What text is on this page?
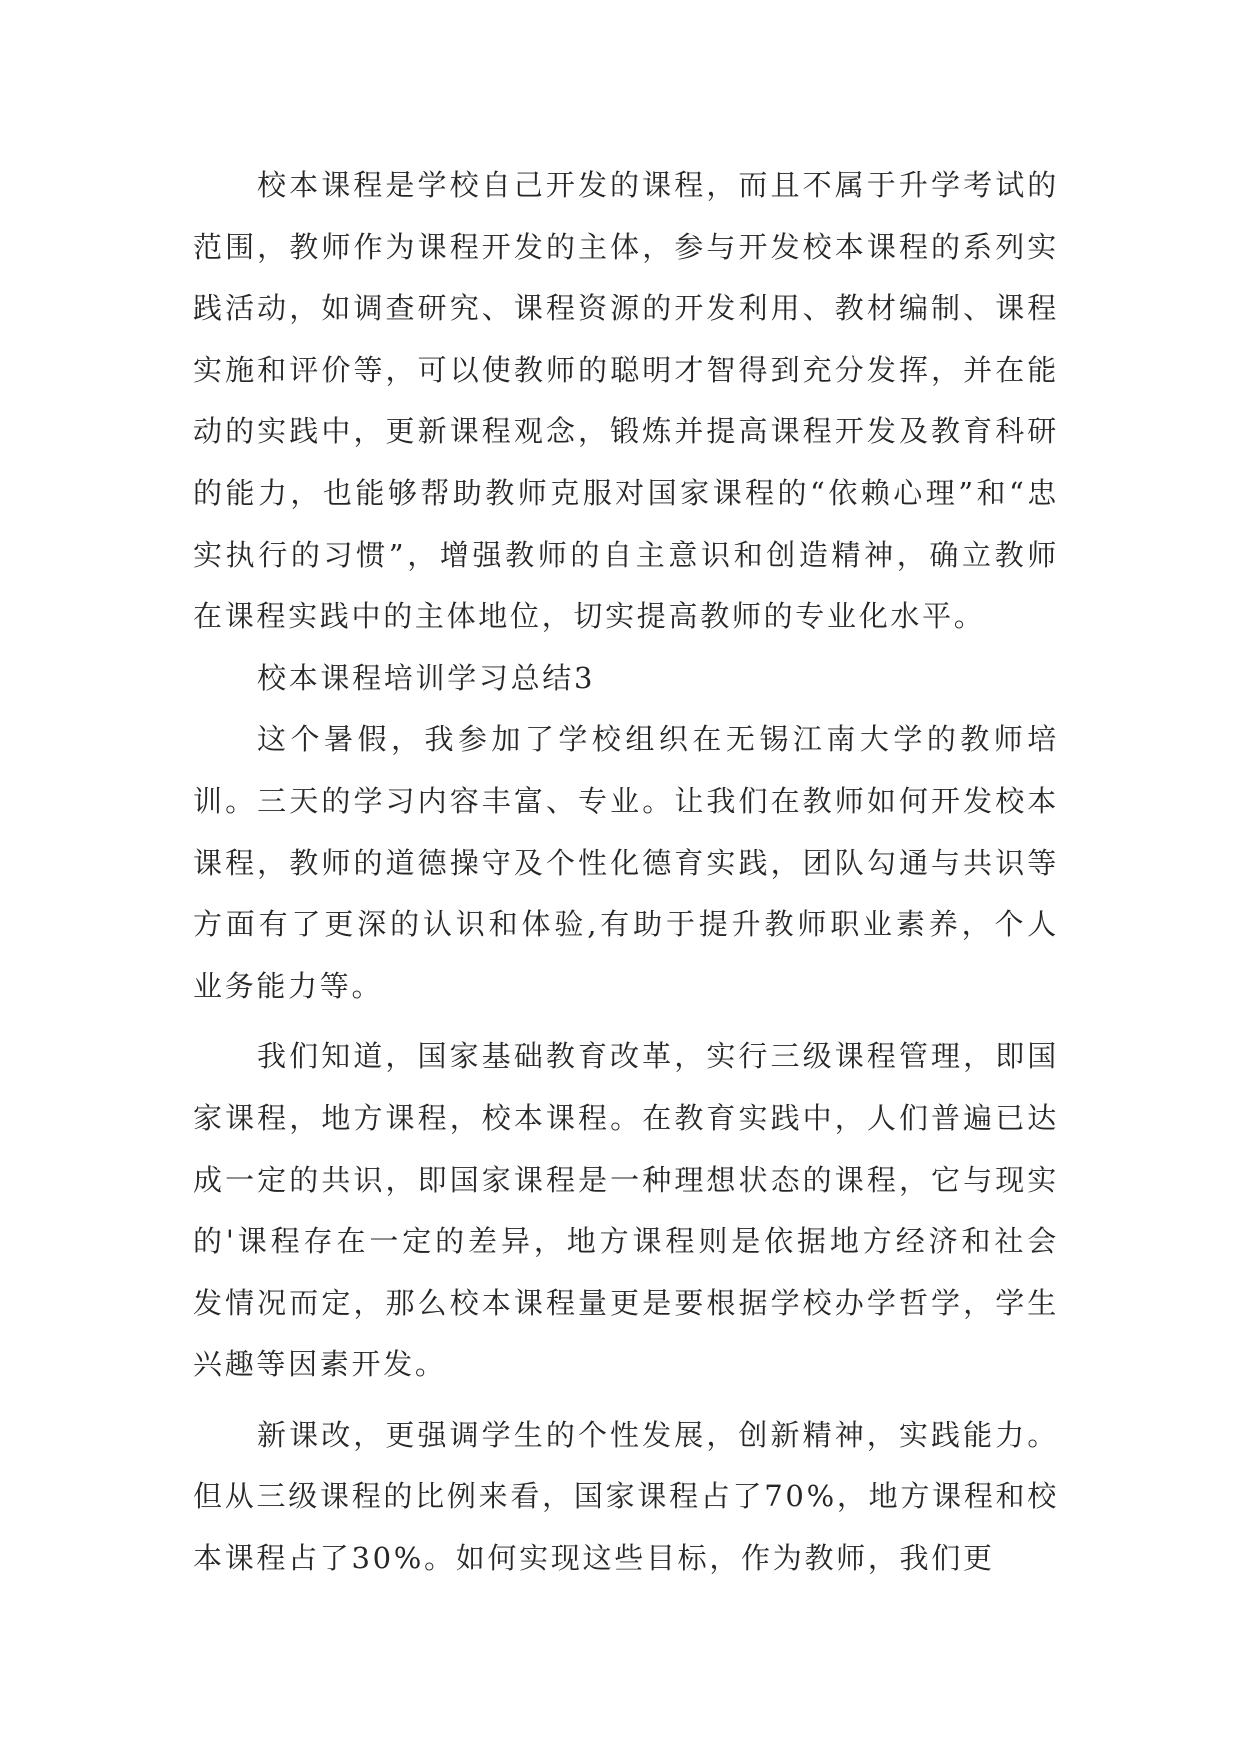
校本课程是学校自己开发的课程，而且不属于升学考试的范围，教师作为课程开发的主体，参与开发校本课程的系列实践活动，如调查研究、课程资源的开发利用、教材编制、课程实施和评价等，可以使教师的聪明才智得到充分发挥，并在能动的实践中，更新课程观念，锻炼并提高课程开发及教育科研的能力，也能够帮助教师克服对国家课程的“依赖心理”和“忠实执行的习惯”，增强教师的自主意识和创造精神，确立教师在课程实践中的主体地位，切实提高教师的专业化水平。

校本课程培训学习总结3

这个暑假，我参加了学校组织在无锡江南大学的教师培训。三天的学习内容丰富、专业。让我们在教师如何开发校本课程，教师的道德操守及个性化德育实践，团队勾通与共识等方面有了更深的认识和体验,有助于提升教师职业素养，个人业务能力等。

我们知道，国家基础教育改革，实行三级课程管理，即国家课程，地方课程，校本课程。在教育实践中，人们普遍已达成一定的共识，即国家课程是一种理想状态的课程，它与现实的'课程存在一定的差异，地方课程则是依据地方经济和社会发情况而定，那么校本课程量更是要根据学校办学哲学，学生兴趣等因素开发。

新课改，更强调学生的个性发展，创新精神，实践能力。但从三级课程的比例来看，国家课程占了70%，地方课程和校本课程占了30%。如何实现这些目标，作为教师，我们更
